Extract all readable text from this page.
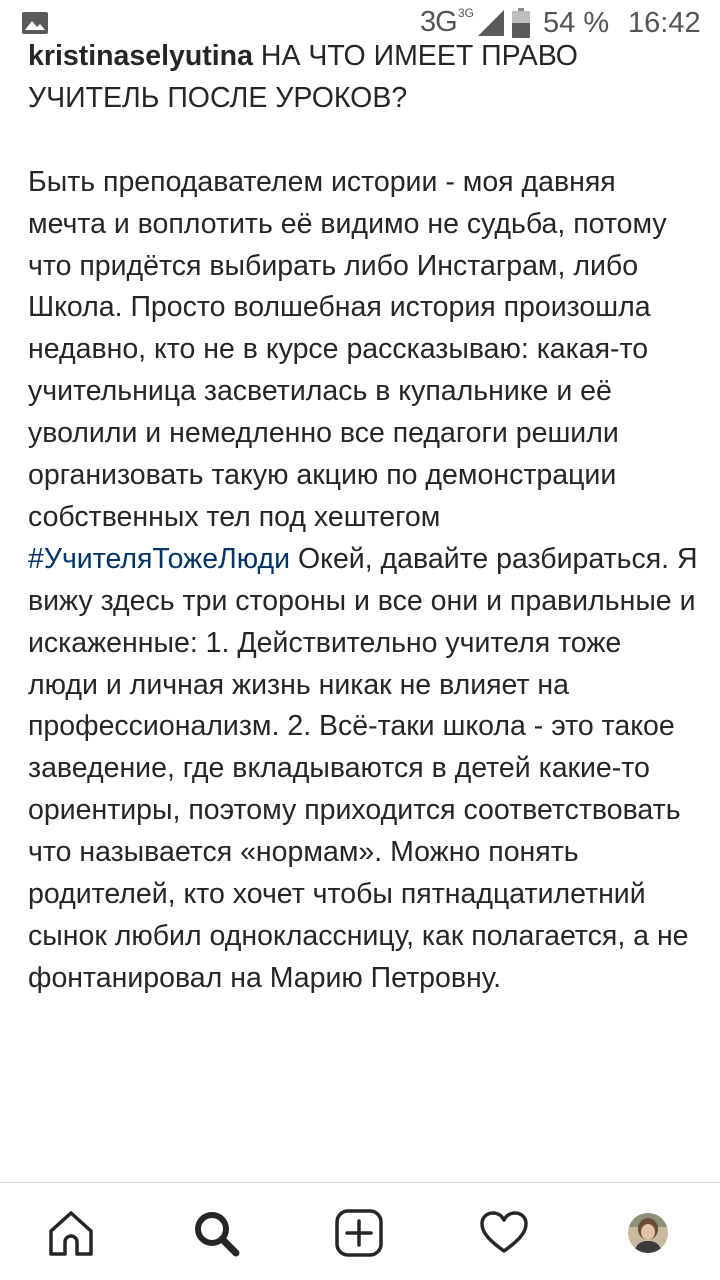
3G 3G 54 % 16:42

kristinaselyutina НА ЧТО ИМЕЕТ ПРАВО УЧИТЕЛЬ ПОСЛЕ УРОКОВ?

Быть преподавателем истории - моя давняя мечта и воплотить её видимо не судьба, потому что придётся выбирать либо Инстаграм, либо Школа. Просто волшебная история произошла недавно, кто не в курсе рассказываю: какая-то учительница засветилась в купальнике и её уволили и немедленно все педагоги решили организовать такую акцию по демонстрации собственных тел под хештегом #УчителяТожеЛюди Окей, давайте разбираться. Я вижу здесь три стороны и все они и правильные и искаженные: 1. Действительно учителя тоже люди и личная жизнь никак не влияет на профессионализм. 2. Всё-таки школа - это такое заведение, где вкладываются в детей какие-то ориентиры, поэтому приходится соответствовать что называется «нормам». Можно понять родителей, кто хочет чтобы пятнадцатилетний сынок любил одноклассницу, как полагается, а не фонтанировал на Марию Петровну.
